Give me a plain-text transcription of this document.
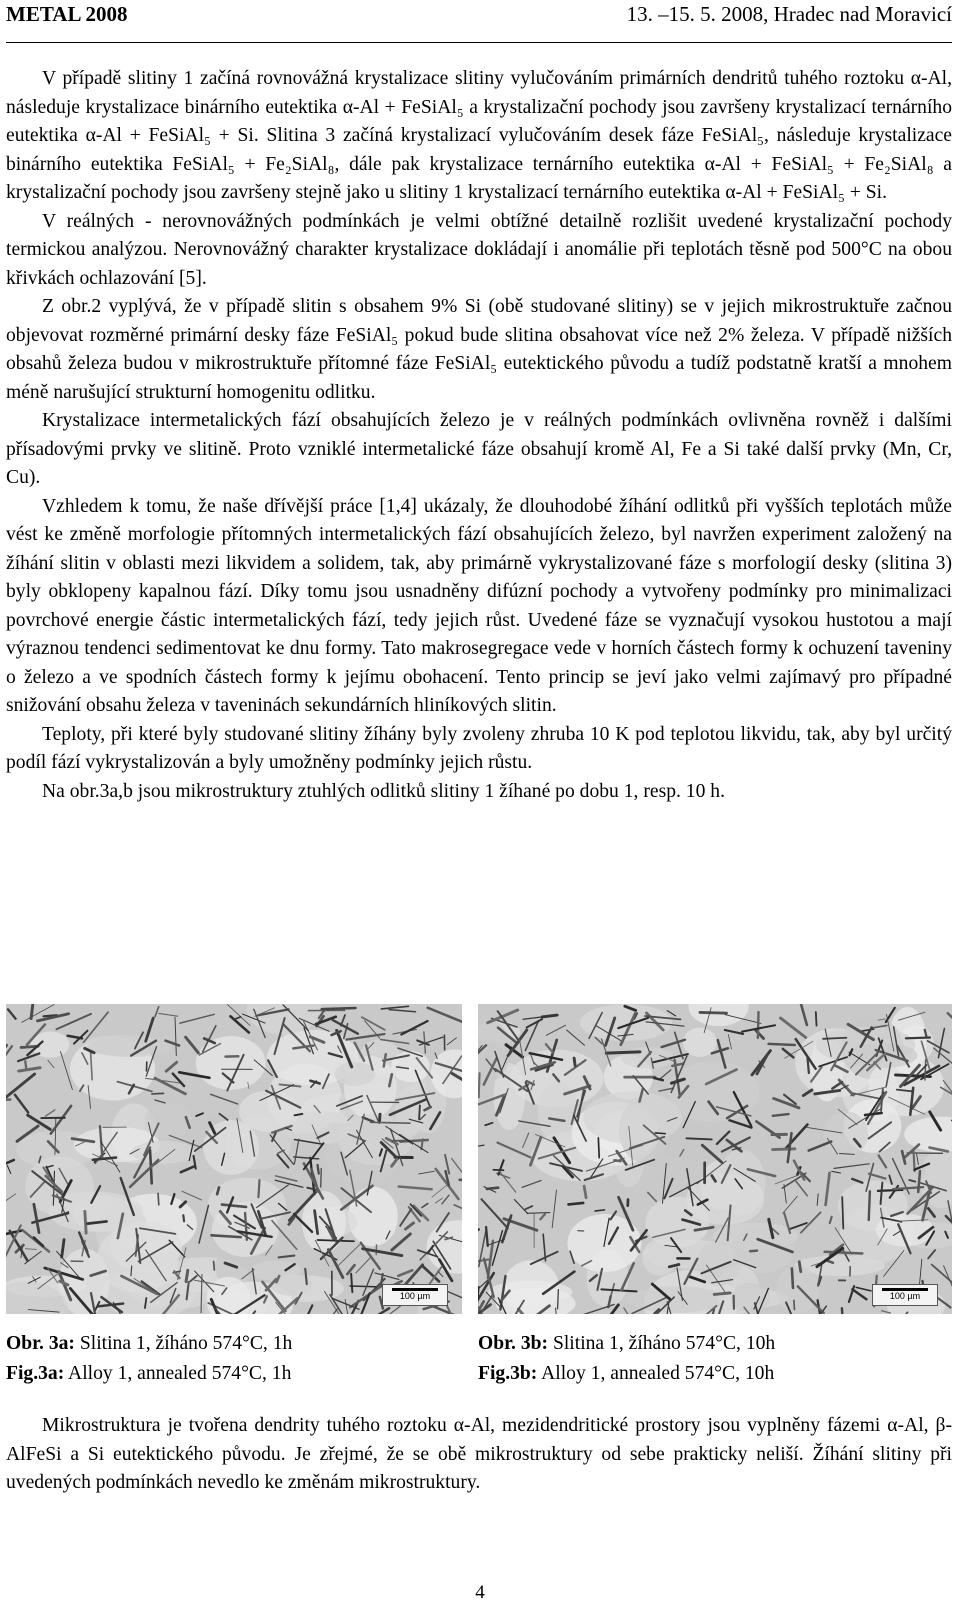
METAL 2008	13. –15. 5. 2008, Hradec nad Moravicí

V případě slitiny 1 začíná rovnovážná krystalizace slitiny vylučováním primárních dendritů tuhého roztoku α-Al, následuje krystalizace binárního eutektika α-Al + FeSiAl₅ a krystalizační pochody jsou završeny krystalizací ternárního eutektika α-Al + FeSiAl₅ + Si. Slitina 3 začíná krystalizací vylučováním desek fáze FeSiAl₅, následuje krystalizace binárního eutektika FeSiAl₅ + Fe₂SiAl₈, dále pak krystalizace ternárního eutektika α-Al + FeSiAl₅ + Fe₂SiAl₈ a krystalizační pochody jsou završeny stejně jako u slitiny 1 krystalizací ternárního eutektika α-Al + FeSiAl₅ + Si.

V reálných - nerovnovážných podmínkách je velmi obtížné detailně rozlišit uvedené krystalizační pochody termickou analýzou. Nerovnovážný charakter krystalizace dokládají i anomálie při teplotách těsně pod 500°C na obou křivkách ochlazování [5].

Z obr.2 vyplývá, že v případě slitin s obsahem 9% Si (obě studované slitiny) se v jejich mikrostruktuře začnou objevovat rozměrné primární desky fáze FeSiAl₅ pokud bude slitina obsahovat více než 2% železa. V případě nižších obsahů železa budou v mikrostruktuře přítomné fáze FeSiAl₅ eutektického původu a tudíž podstatně kratší a mnohem méně narušující strukturní homogenitu odlitku.

Krystalizace intermetalických fází obsahujících železo je v reálných podmínkách ovlivněna rovněž i dalšími přísadovými prvky ve slitině. Proto vzniklé intermetalické fáze obsahují kromě Al, Fe a Si také další prvky (Mn, Cr, Cu).

Vzhledem k tomu, že naše dřívější práce [1,4] ukázaly, že dlouhodobé žíhání odlitků při vyšších teplotách může vést ke změně morfologie přítomných intermetalických fází obsahujících železo, byl navržen experiment založený na žíhání slitin v oblasti mezi likvidem a solidem, tak, aby primárně vykrystalizované fáze s morfologií desky (slitina 3) byly obklopeny kapalnou fází. Díky tomu jsou usnadněny difúzní pochody a vytvořeny podmínky pro minimalizaci povrchové energie částic intermetalických fází, tedy jejich růst. Uvedené fáze se vyznačují vysokou hustotou a mají výraznou tendenci sedimentovat ke dnu formy. Tato makrosegregace vede v horních částech formy k ochuzení taveniny o železo a ve spodních částech formy k jejímu obohacení. Tento princip se jeví jako velmi zajímavý pro případné snižování obsahu železa v taveninách sekundárních hliníkových slitin.

Teploty, při které byly studované slitiny žíhány byly zvoleny zhruba 10 K pod teplotou likvidu, tak, aby byl určitý podíl fází vykrystalizován a byly umožněny podmínky jejich růstu.

Na obr.3a,b jsou mikrostruktury ztuhlých odlitků slitiny 1 žíhané po dobu 1, resp. 10 h.

100 µm	100 µm
Obr. 3a: Slitina 1, žíháno 574°C, 1h
Fig.3a: Alloy 1, annealed 574°C, 1h
Obr. 3b: Slitina 1, žíháno 574°C, 10h
Fig.3b: Alloy 1, annealed 574°C, 10h

Mikrostruktura je tvořena dendrity tuhého roztoku α-Al, mezidendritické prostory jsou vyplněny fázemi α-Al, β-AlFeSi a Si eutektického původu. Je zřejmé, že se obě mikrostruktury od sebe prakticky neliší. Žíhání slitiny při uvedených podmínkách nevedlo ke změnám mikrostruktury.

4
